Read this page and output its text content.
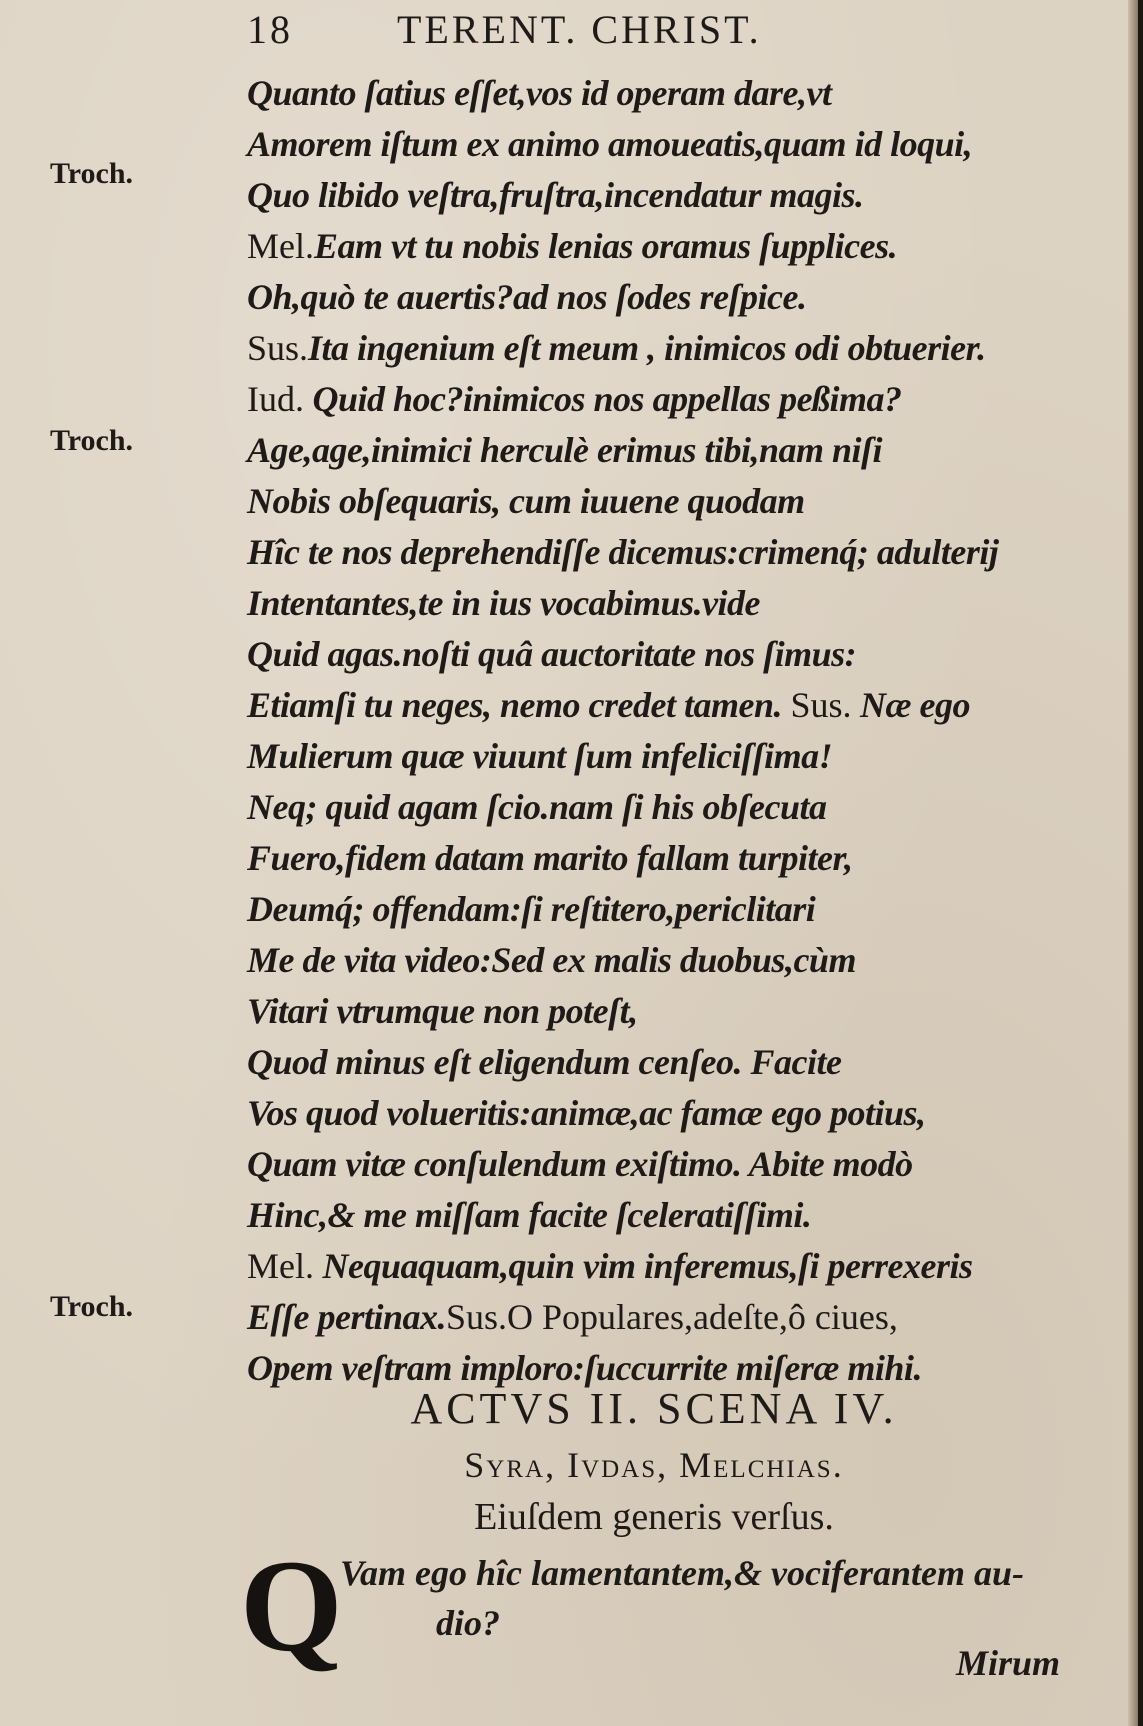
18	TERENT. CHRIST.
Troch.
Troch.
Troch.
Quanto ſatius eſſet,vos id operam dare,vt
Amorem iſtum ex animo amoueatis,quam id loqui,
Quo libido veſtra,fruſtra,incendatur magis.
Mel.Eam vt tu nobis lenias oramus ſupplices.
Oh,quò te auertis?ad nos ſodes reſpice.
Sus.Ita ingenium eſt meum , inimicos odi obtuerier.
Iud. Quid hoc?inimicos nos appellas peßima?
Age,age,inimici herculè erimus tibi,nam niſi
Nobis obſequaris, cum iuuene quodam
Hîc te nos deprehendiſſe dicemus:crimenq́; adulterij
Intentantes,te in ius vocabimus.vide
Quid agas.noſti quâ auctoritate nos ſimus:
Etiamſi tu neges, nemo credet tamen. Sus. Næ ego
Mulierum quæ viuunt ſum infeliciſſima!
Neq; quid agam ſcio.nam ſi his obſecuta
Fuero,fidem datam marito fallam turpiter,
Deumq́; offendam:ſi reſtitero,periclitari
Me de vita video:Sed ex malis duobus,cùm
Vitari vtrumque non poteſt,
Quod minus eſt eligendum cenſeo. Facite
Vos quod volueritis:animæ,ac famæ ego potius,
Quam vitæ conſulendum exiſtimo. Abite modò
Hinc,& me miſſam facite ſceleratiſſimi.
Mel. Nequaquam,quin vim inferemus,ſi perrexeris
Eſſe pertinax.Sus.O Populares,adeſte,ô ciues,
Opem veſtram imploro:ſuccurrite miſeræ mihi.
ACTVS II. SCENA IV.
Syra, Ivdas, Melchias.
Eiuſdem generis verſus.
Q
Vam ego hîc lamentantem,& vociferantem au-
dio?
Mirum
